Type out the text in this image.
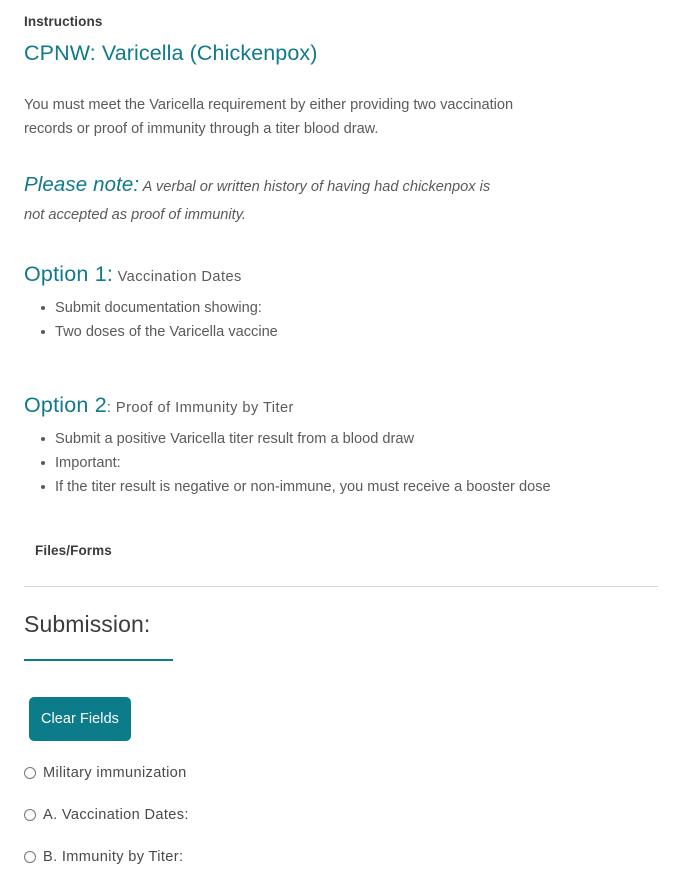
Instructions
CPNW: Varicella (Chickenpox)
You must meet the Varicella requirement by either providing two vaccination records or proof of immunity through a titer blood draw.
Please note: A verbal or written history of having had chickenpox is not accepted as proof of immunity.
Option 1: Vaccination Dates
Submit documentation showing:
Two doses of the Varicella vaccine
Option 2: Proof of Immunity by Titer
Submit a positive Varicella titer result from a blood draw
Important:
If the titer result is negative or non-immune, you must receive a booster dose
Files/Forms
Submission:
Clear Fields
Military immunization
A. Vaccination Dates:
B. Immunity by Titer:
